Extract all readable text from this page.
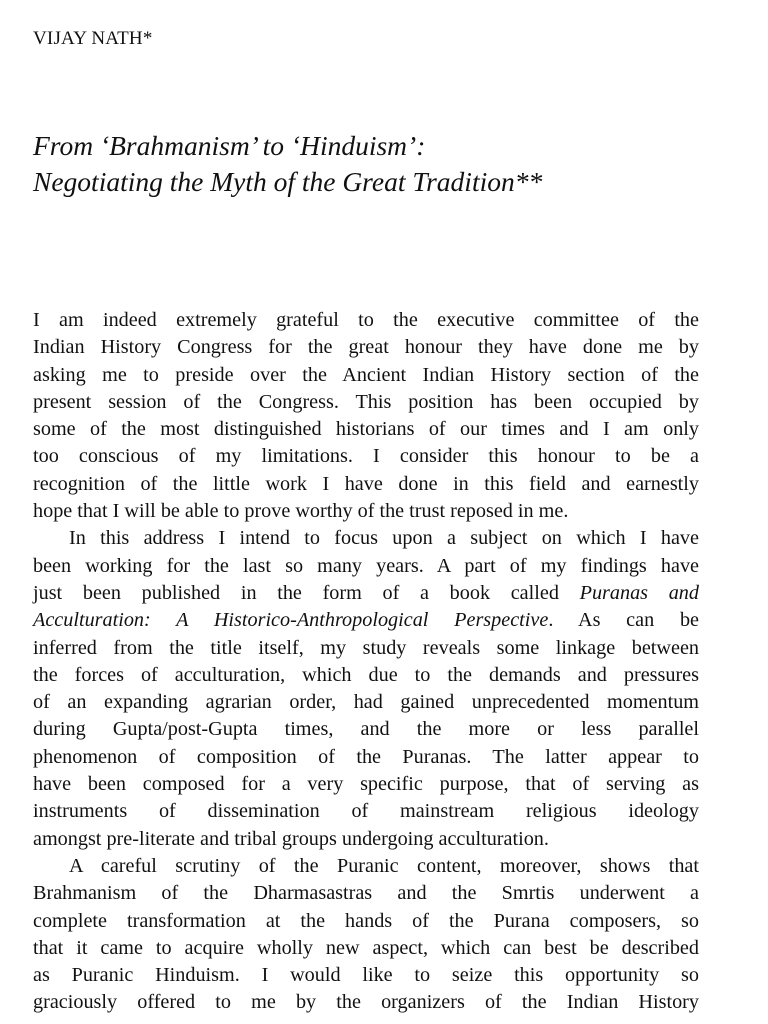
VIJAY NATH*
From ‘Brahmanism’ to ‘Hinduism’:
Negotiating the Myth of the Great Tradition**

I am indeed extremely grateful to the executive committee of the
Indian History Congress for the great honour they have done me by
asking me to preside over the Ancient Indian History section of the
present session of the Congress. This position has been occupied by
some of the most distinguished historians of our times and I am only
too conscious of my limitations. I consider this honour to be a
recognition of the little work I have done in this field and earnestly
hope that I will be able to prove worthy of the trust reposed in me.

In this address I intend to focus upon a subject on which I have
been working for the last so many years. A part of my findings have
just been published in the form of a book called Puranas and
Acculturation: A Historico-Anthropological Perspective. As can be
inferred from the title itself, my study reveals some linkage between
the forces of acculturation, which due to the demands and pressures
of an expanding agrarian order, had gained unprecedented momentum
during Gupta/post-Gupta times, and the more or less parallel
phenomenon of composition of the Puranas. The latter appear to
have been composed for a very specific purpose, that of serving as
instruments of dissemination of mainstream religious ideology
amongst pre-literate and tribal groups undergoing acculturation.

A careful scrutiny of the Puranic content, moreover, shows that
Brahmanism of the Dharmasastras and the Smrtis underwent a
complete transformation at the hands of the Purana composers, so
that it came to acquire wholly new aspect, which can best be described
as Puranic Hinduism. I would like to seize this opportunity so
graciously offered to me by the organizers of the Indian History
